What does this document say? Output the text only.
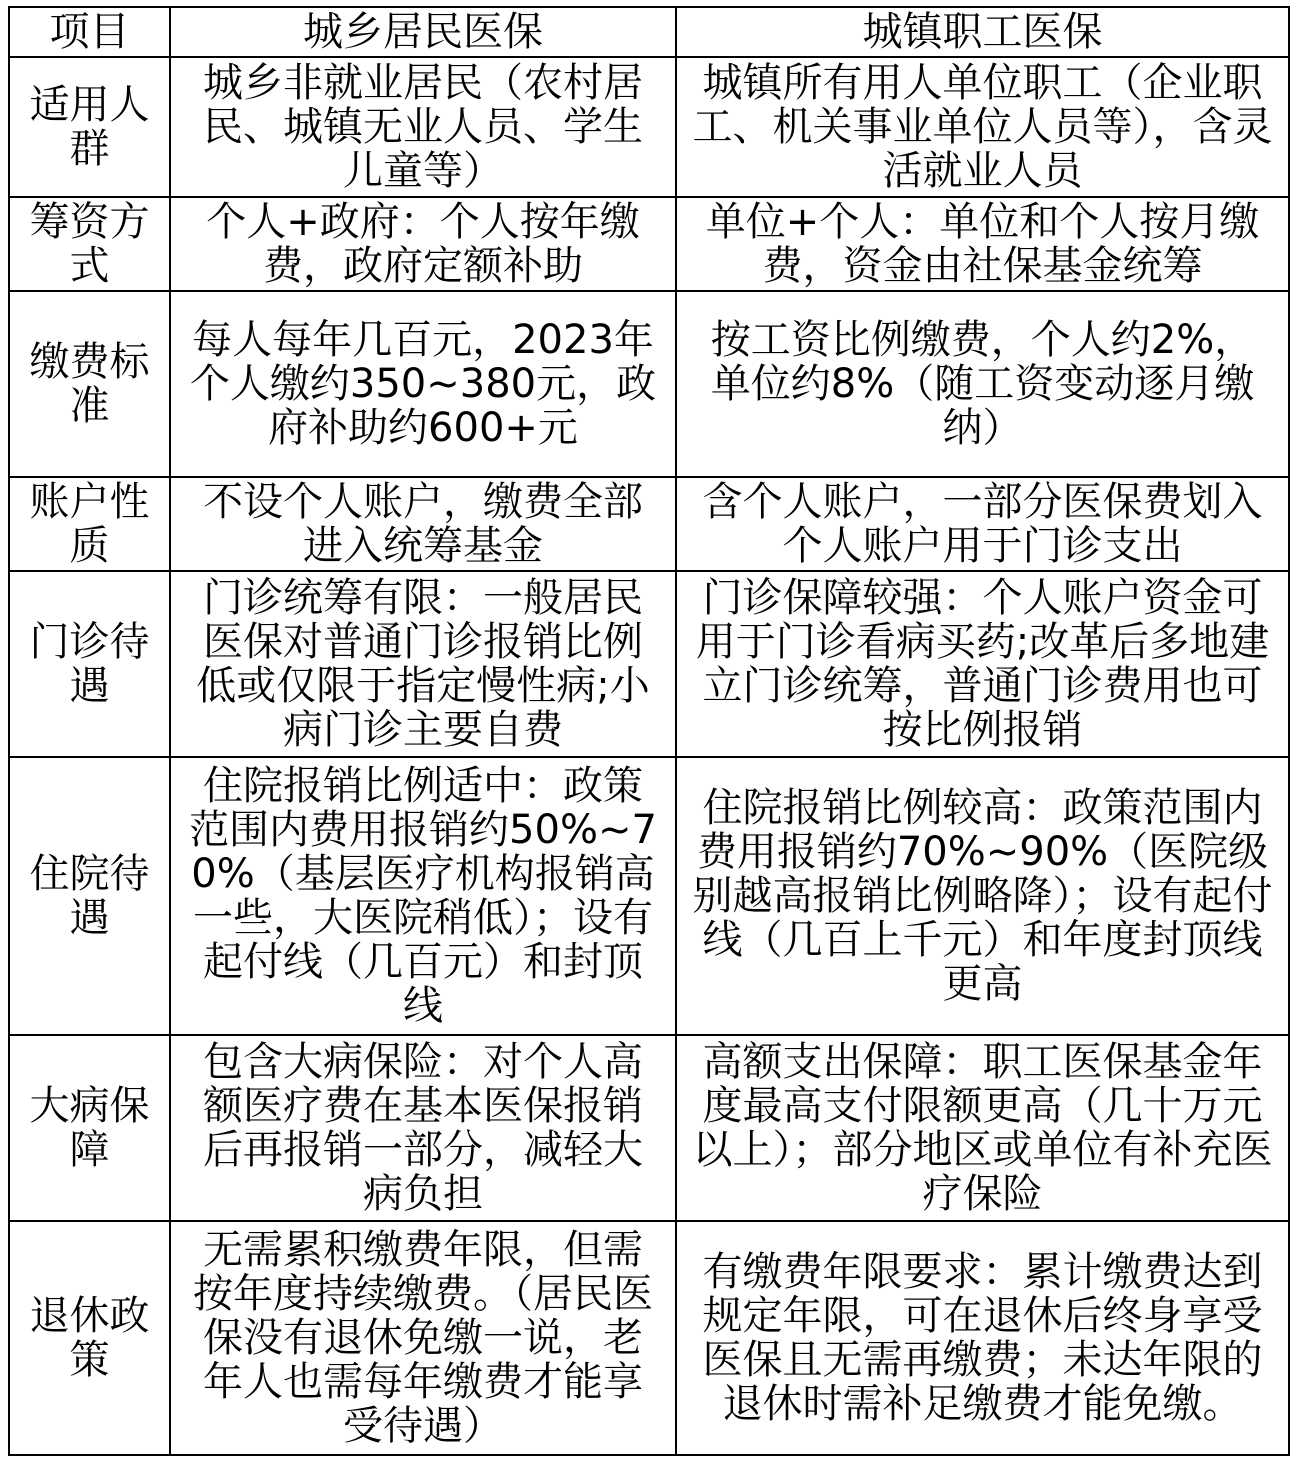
项目	城乡居民医保	城镇职工医保
适用人群	城乡非就业居民（农村居民、城镇无业人员、学生儿童等）	城镇所有用人单位职工（企业职工、机关事业单位人员等），含灵活就业人员
筹资方式	个人+政府：个人按年缴费，政府定额补助	单位+个人：单位和个人按月缴费，资金由社保基金统筹
缴费标准	每人每年几百元，2023年个人缴约350~380元，政府补助约600+元	按工资比例缴费，个人约2%，单位约8%（随工资变动逐月缴纳）
账户性质	不设个人账户，缴费全部进入统筹基金	含个人账户，一部分医保费划入个人账户用于门诊支出
门诊待遇	门诊统筹有限：一般居民医保对普通门诊报销比例低或仅限于指定慢性病;小病门诊主要自费	门诊保障较强：个人账户资金可用于门诊看病买药;改革后多地建立门诊统筹，普通门诊费用也可按比例报销
住院待遇	住院报销比例适中：政策范围内费用报销约50%~70%（基层医疗机构报销高一些，大医院稍低）；设有起付线（几百元）和封顶线	住院报销比例较高：政策范围内费用报销约70%~90%（医院级别越高报销比例略降）；设有起付线（几百上千元）和年度封顶线更高
大病保障	包含大病保险：对个人高额医疗费在基本医保报销后再报销一部分，减轻大病负担	高额支出保障：职工医保基金年度最高支付限额更高（几十万元以上）；部分地区或单位有补充医疗保险
退休政策	无需累积缴费年限，但需按年度持续缴费。（居民医保没有退休免缴一说，老年人也需每年缴费才能享受待遇）	有缴费年限要求：累计缴费达到规定年限，可在退休后终身享受医保且无需再缴费；未达年限的退休时需补足缴费才能免缴。
